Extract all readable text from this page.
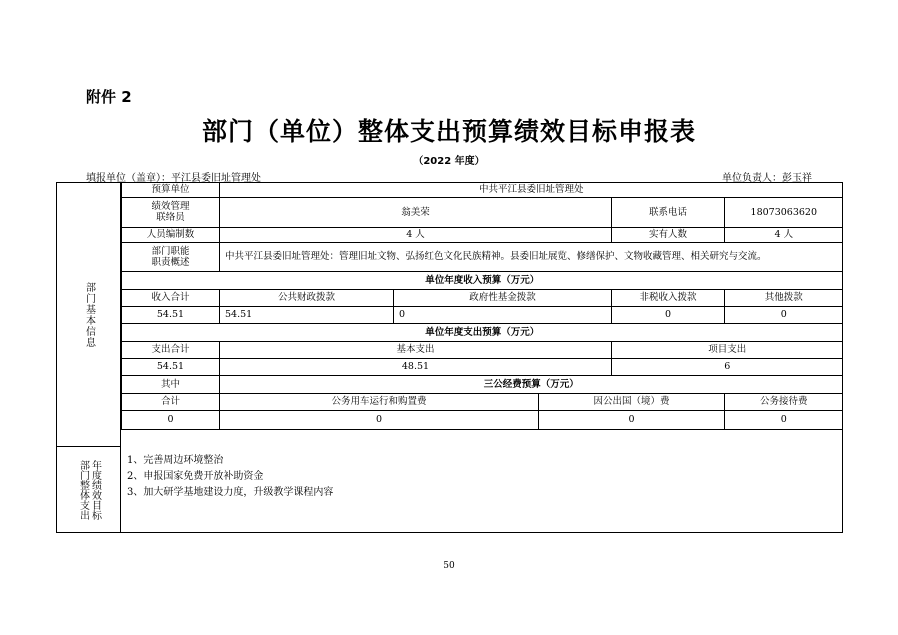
附件 2
部门（单位）整体支出预算绩效目标申报表
（2022 年度）
填报单位（盖章）：平江县委旧址管理处	单位负责人：彭玉祥
部门基本信息
年度绩效目标
部门整体支出
预算单位	中共平江县委旧址管理处				
绩效管理
联络员	翁美荣			联系电话	18073063620
人员编制数	4 人			实有人数	4 人
部门职能
职责概述	中共平江县委旧址管理处：管理旧址文物、弘扬红色文化民族精神。县委旧址展览、修缮保护、文物收藏管理、相关研究与交流。				
单位年度收入预算（万元）					
收入合计	公共财政拨款	政府性基金拨款		非税收入拨款	其他拨款
54.51	54.51	0		0	0
单位年度支出预算（万元）					
支出合计	基本支出			项目支出	
54.51	48.51			6	
其中	三公经费预算（万元）				
合计	公务用车运行和购置费		因公出国（境）费		公务接待费
0	0		0		0
1、完善周边环境整治
2、申报国家免费开放补助资金
3、加大研学基地建设力度，升级教学课程内容
50
